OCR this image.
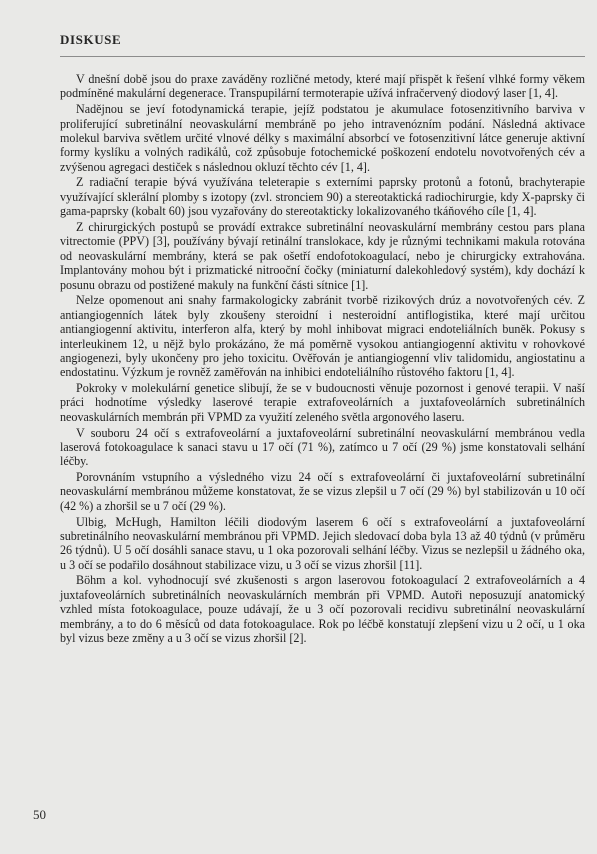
DISKUSE

V dnešní době jsou do praxe zaváděny rozličné metody, které mají přispět k řešení vlhké formy věkem podmíněné makulární degenerace. Transpupilární termoterapie užívá infračervený diodový laser [1, 4].

Nadějnou se jeví fotodynamická terapie, jejíž podstatou je akumulace fotosenzitivního barviva v proliferující subretinální neovaskulární membráně po jeho intravenózním podání. Následná aktivace molekul barviva světlem určité vlnové délky s maximální absorbcí ve fotosenzitivní látce generuje aktivní formy kyslíku a volných radikálů, což způsobuje fotochemické poškození endotelu novotvořených cév a zvýšenou agregaci destiček s následnou okluzí těchto cév [1, 4].

Z radiační terapie bývá využívána teleterapie s externími paprsky protonů a fotonů, brachyterapie využívající sklerální plomby s izotopy (zvl. stronciem 90) a stereotaktická radiochirurgie, kdy X-paprsky či gama-paprsky (kobalt 60) jsou vyzařovány do stereotakticky lokalizovaného tkáňového cíle [1, 4].

Z chirurgických postupů se provádí extrakce subretinální neovaskulární membrány cestou pars plana vitrectomie (PPV) [3], používány bývají retinální translokace, kdy je různými technikami makula rotována od neovaskulární membrány, která se pak ošetří endofotokoagulací, nebo je chirurgicky extrahována. Implantovány mohou být i prizmatické nitrooční čočky (miniaturní dalekohledový systém), kdy dochází k posunu obrazu od postižené makuly na funkční části sítnice [1].

Nelze opomenout ani snahy farmakologicky zabránit tvorbě rizikových drúz a novotvořených cév. Z antiangiogenních látek byly zkoušeny steroidní i nesteroidní antiflogistika, které mají určitou antiangiogenní aktivitu, interferon alfa, který by mohl inhibovat migraci endoteliálních buněk. Pokusy s interleukinem 12, u nějž bylo prokázáno, že má poměrně vysokou antiangiogenní aktivitu v rohovkové angiogenezi, byly ukončeny pro jeho toxicitu. Ověřován je antiangiogenní vliv talidomidu, angiostatinu a endostatinu. Výzkum je rovněž zaměřován na inhibici endoteliálního růstového faktoru [1, 4].

Pokroky v molekulární genetice slibují, že se v budoucnosti věnuje pozornost i genové terapii. V naší práci hodnotíme výsledky laserové terapie extrafoveolárních a juxtafoveolárních subretinálních neovaskulárních membrán při VPMD za využití zeleného světla argonového laseru.

V souboru 24 očí s extrafoveolární a juxtafoveolární subretinální neovaskulární membránou vedla laserová fotokoagulace k sanaci stavu u 17 očí (71 %), zatímco u 7 očí (29 %) jsme konstatovali selhání léčby.

Porovnáním vstupního a výsledného vizu 24 očí s extrafoveolární či juxtafoveolární subretinální neovaskulární membránou můžeme konstatovat, že se vizus zlepšil u 7 očí (29 %) byl stabilizován u 10 očí (42 %) a zhoršil se u 7 očí (29 %).

Ulbig, McHugh, Hamilton léčili diodovým laserem 6 očí s extrafoveolární a juxtafoveolární subretinálního neovaskulární membránou při VPMD. Jejich sledovací doba byla 13 až 40 týdnů (v průměru 26 týdnů). U 5 očí dosáhli sanace stavu, u 1 oka pozorovali selhání léčby. Vizus se nezlepšil u žádného oka, u 3 očí se podařilo dosáhnout stabilizace vizu, u 3 očí se vizus zhoršil [11].

Böhm a kol. vyhodnocují své zkušenosti s argon laserovou fotokoagulací 2 extrafoveolárních a 4 juxtafoveolárních subretinálních neovaskulárních membrán při VPMD. Autoři neposuzují anatomický vzhled místa fotokoagulace, pouze udávají, že u 3 očí pozorovali recidivu subretinální neovaskulární membrány, a to do 6 měsíců od data fotokoagulace. Rok po léčbě konstatují zlepšení vizu u 2 očí, u 1 oka byl vizus beze změny a u 3 očí se vizus zhoršil [2].

50
